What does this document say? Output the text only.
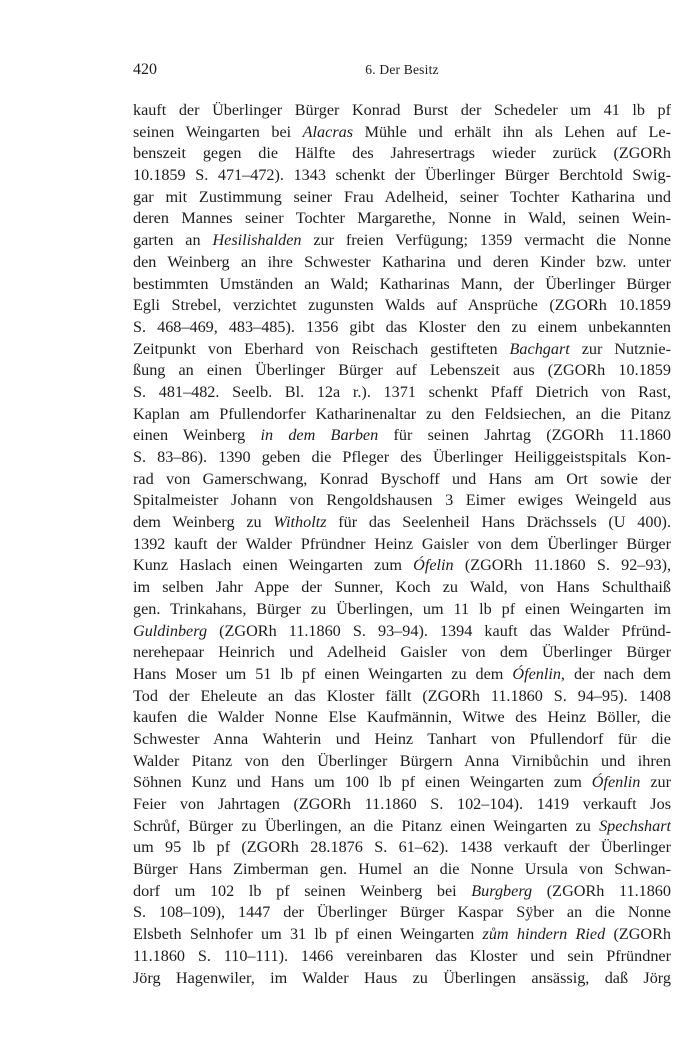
420	6. Der Besitz
kauft der Überlinger Bürger Konrad Burst der Schedeler um 41 lb pf
seinen Weingarten bei Alacras Mühle und erhält ihn als Lehen auf Le-
benszeit gegen die Hälfte des Jahresertrags wieder zurück (ZGORh
10.1859 S. 471–472). 1343 schenkt der Überlinger Bürger Berchtold Swig-
gar mit Zustimmung seiner Frau Adelheid, seiner Tochter Katharina und
deren Mannes seiner Tochter Margarethe, Nonne in Wald, seinen Wein-
garten an Hesilishalden zur freien Verfügung; 1359 vermacht die Nonne
den Weinberg an ihre Schwester Katharina und deren Kinder bzw. unter
bestimmten Umständen an Wald; Katharinas Mann, der Überlinger Bürger
Egli Strebel, verzichtet zugunsten Walds auf Ansprüche (ZGORh 10.1859
S. 468–469, 483–485). 1356 gibt das Kloster den zu einem unbekannten
Zeitpunkt von Eberhard von Reischach gestifteten Bachgart zur Nutznie-
ßung an einen Überlinger Bürger auf Lebenszeit aus (ZGORh 10.1859
S. 481–482. Seelb. Bl. 12a r.). 1371 schenkt Pfaff Dietrich von Rast,
Kaplan am Pfullendorfer Katharinenaltar zu den Feldsiechen, an die Pitanz
einen Weinberg in dem Barben für seinen Jahrtag (ZGORh 11.1860
S. 83–86). 1390 geben die Pfleger des Überlinger Heiliggeistspitals Kon-
rad von Gamerschwang, Konrad Byschoff und Hans am Ort sowie der
Spitalmeister Johann von Rengoldshausen 3 Eimer ewiges Weingeld aus
dem Weinberg zu Witholtz für das Seelenheil Hans Drächssels (U 400).
1392 kauft der Walder Pfründner Heinz Gaisler von dem Überlinger Bürger
Kunz Haslach einen Weingarten zum Ófelin (ZGORh 11.1860 S. 92–93),
im selben Jahr Appe der Sunner, Koch zu Wald, von Hans Schulthaiß
gen. Trinkahans, Bürger zu Überlingen, um 11 lb pf einen Weingarten im
Guldinberg (ZGORh 11.1860 S. 93–94). 1394 kauft das Walder Pfründ-
nerehepaar Heinrich und Adelheid Gaisler von dem Überlinger Bürger
Hans Moser um 51 lb pf einen Weingarten zu dem Ófenlin, der nach dem
Tod der Eheleute an das Kloster fällt (ZGORh 11.1860 S. 94–95). 1408
kaufen die Walder Nonne Else Kaufmännin, Witwe des Heinz Böller, die
Schwester Anna Wahterin und Heinz Tanhart von Pfullendorf für die
Walder Pitanz von den Überlinger Bürgern Anna Virnibůchin und ihren
Söhnen Kunz und Hans um 100 lb pf einen Weingarten zum Ófenlin zur
Feier von Jahrtagen (ZGORh 11.1860 S. 102–104). 1419 verkauft Jos
Schrůf, Bürger zu Überlingen, an die Pitanz einen Weingarten zu Spechshart
um 95 lb pf (ZGORh 28.1876 S. 61–62). 1438 verkauft der Überlinger
Bürger Hans Zimberman gen. Humel an die Nonne Ursula von Schwan-
dorf um 102 lb pf seinen Weinberg bei Burgberg (ZGORh 11.1860
S. 108–109), 1447 der Überlinger Bürger Kaspar Sÿber an die Nonne
Elsbeth Selnhofer um 31 lb pf einen Weingarten zům hindern Ried (ZGORh
11.1860 S. 110–111). 1466 vereinbaren das Kloster und sein Pfründner
Jörg Hagenwiler, im Walder Haus zu Überlingen ansässig, daß Jörg
